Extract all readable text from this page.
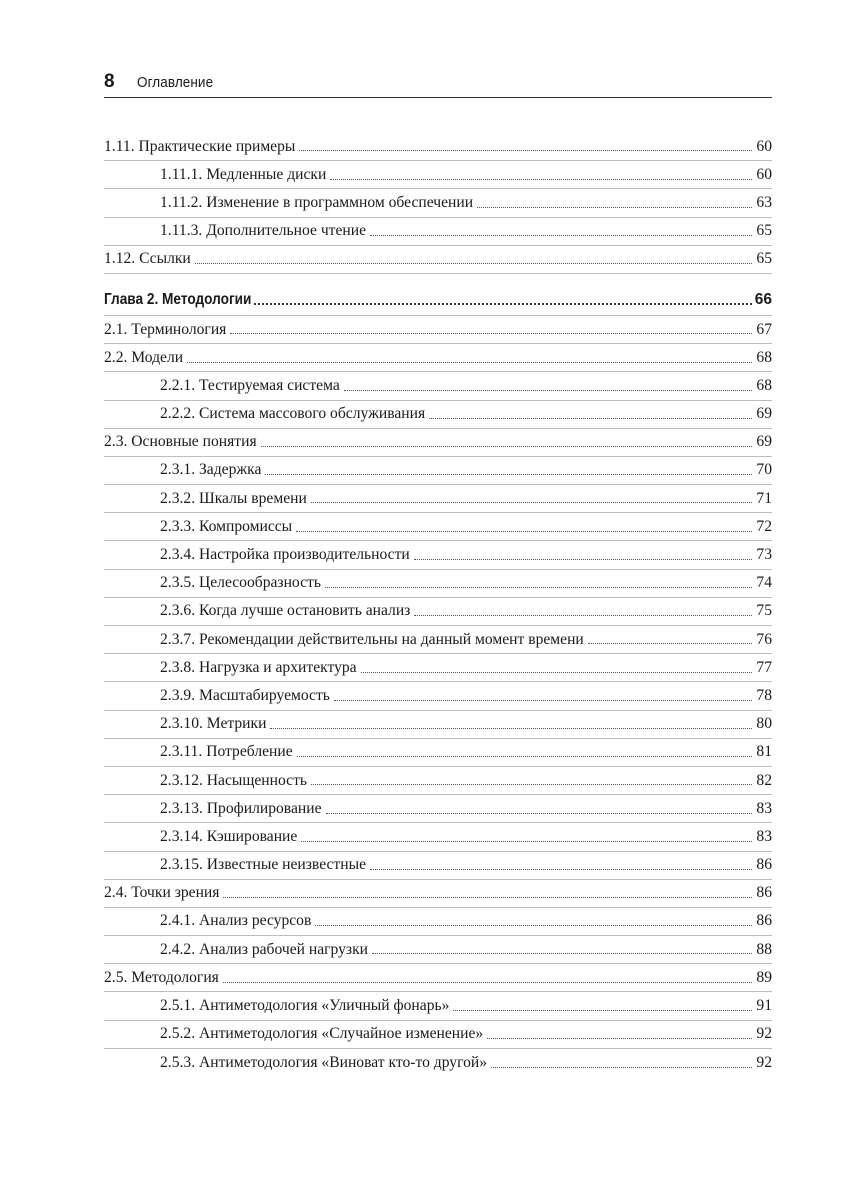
8 Оглавление
1.11. Практические примеры	60
1.11.1. Медленные диски	60
1.11.2. Изменение в программном обеспечении	63
1.11.3. Дополнительное чтение	65
1.12. Ссылки	65
Глава 2. Методологии	66
2.1. Терминология	67
2.2. Модели	68
2.2.1. Тестируемая система	68
2.2.2. Система массового обслуживания	69
2.3. Основные понятия	69
2.3.1. Задержка	70
2.3.2. Шкалы времени	71
2.3.3. Компромиссы	72
2.3.4. Настройка производительности	73
2.3.5. Целесообразность	74
2.3.6. Когда лучше остановить анализ	75
2.3.7. Рекомендации действительны на данный момент времени	76
2.3.8. Нагрузка и архитектура	77
2.3.9. Масштабируемость	78
2.3.10. Метрики	80
2.3.11. Потребление	81
2.3.12. Насыщенность	82
2.3.13. Профилирование	83
2.3.14. Кэширование	83
2.3.15. Известные неизвестные	86
2.4. Точки зрения	86
2.4.1. Анализ ресурсов	86
2.4.2. Анализ рабочей нагрузки	88
2.5. Методология	89
2.5.1. Антиметодология «Уличный фонарь»	91
2.5.2. Антиметодология «Случайное изменение»	92
2.5.3. Антиметодология «Виноват кто-то другой»	92
